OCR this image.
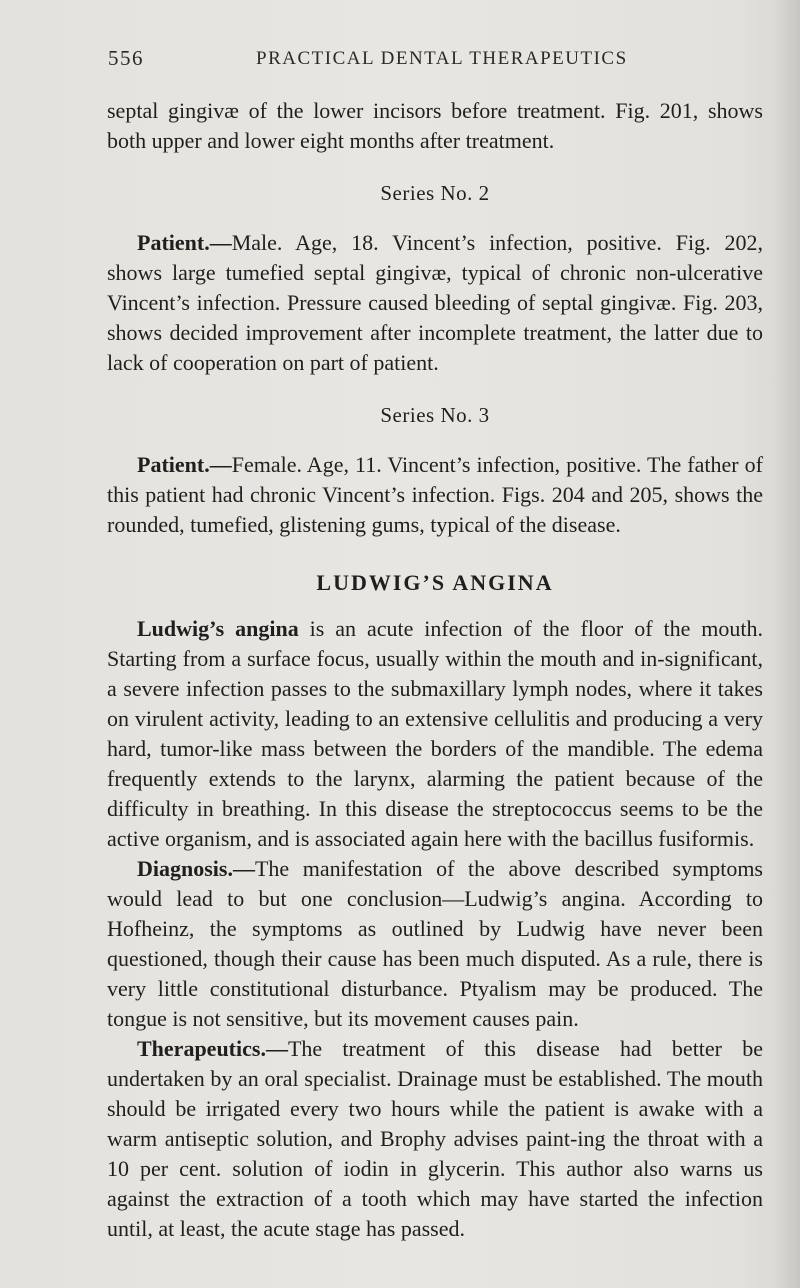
556	PRACTICAL DENTAL THERAPEUTICS

septal gingivæ of the lower incisors before treatment. Fig. 201, shows both upper and lower eight months after treatment.

Series No. 2

Patient.—Male. Age, 18. Vincent’s infection, positive. Fig. 202, shows large tumefied septal gingivæ, typical of chronic non-ulcerative Vincent’s infection. Pressure caused bleeding of septal gingivæ. Fig. 203, shows decided improvement after incomplete treatment, the latter due to lack of cooperation on part of patient.

Series No. 3

Patient.—Female. Age, 11. Vincent’s infection, positive. The father of this patient had chronic Vincent’s infection. Figs. 204 and 205, shows the rounded, tumefied, glistening gums, typical of the disease.

LUDWIG’S ANGINA

Ludwig’s angina is an acute infection of the floor of the mouth. Starting from a surface focus, usually within the mouth and in-significant, a severe infection passes to the submaxillary lymph nodes, where it takes on virulent activity, leading to an extensive cellulitis and producing a very hard, tumor-like mass between the borders of the mandible. The edema frequently extends to the larynx, alarming the patient because of the difficulty in breathing. In this disease the streptococcus seems to be the active organism, and is associated again here with the bacillus fusiformis.

Diagnosis.—The manifestation of the above described symptoms would lead to but one conclusion—Ludwig’s angina. According to Hofheinz, the symptoms as outlined by Ludwig have never been questioned, though their cause has been much disputed. As a rule, there is very little constitutional disturbance. Ptyalism may be produced. The tongue is not sensitive, but its movement causes pain.

Therapeutics.—The treatment of this disease had better be undertaken by an oral specialist. Drainage must be established. The mouth should be irrigated every two hours while the patient is awake with a warm antiseptic solution, and Brophy advises paint-ing the throat with a 10 per cent. solution of iodin in glycerin. This author also warns us against the extraction of a tooth which may have started the infection until, at least, the acute stage has passed.
